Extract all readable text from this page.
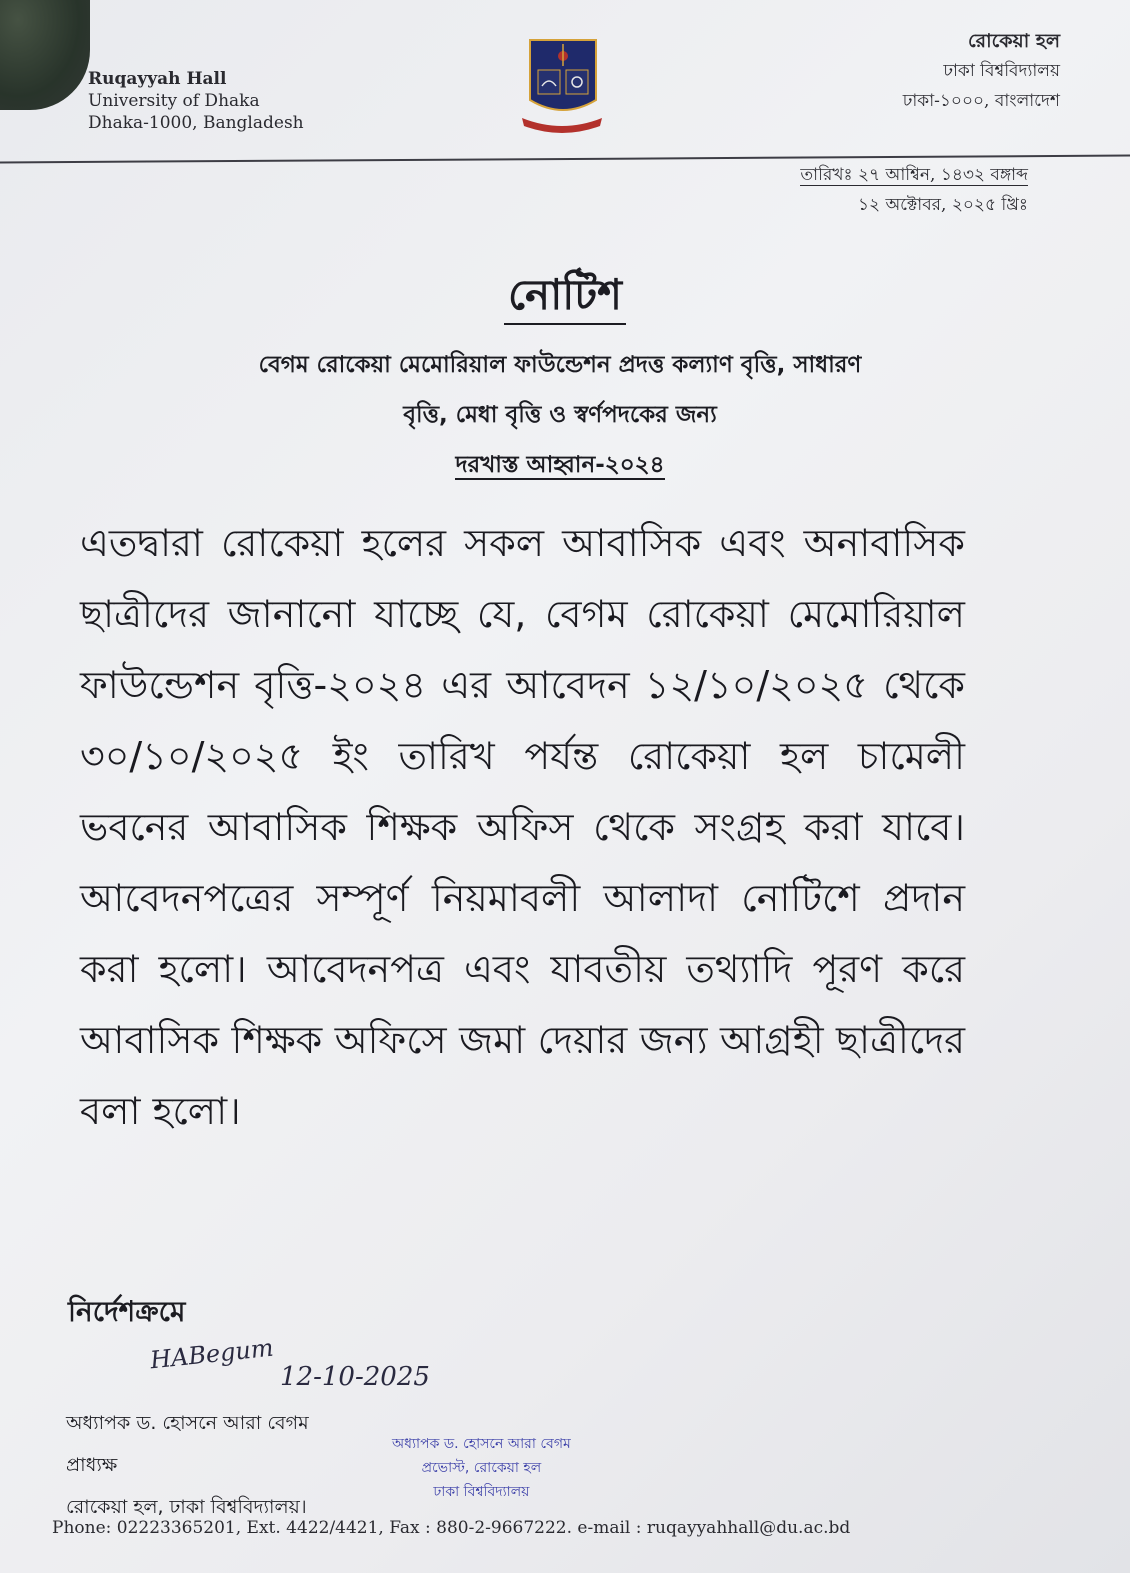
Ruqayyah Hall
University of Dhaka
Dhaka-1000, Bangladesh
রোকেয়া হল
ঢাকা বিশ্ববিদ্যালয়
ঢাকা-১০০০, বাংলাদেশ
তারিখঃ ২৭ আশ্বিন, ১৪৩২ বঙ্গাব্দ
১২ অক্টোবর, ২০২৫ খ্রিঃ
নোটিশ
বেগম রোকেয়া মেমোরিয়াল ফাউন্ডেশন প্রদত্ত কল্যাণ বৃত্তি, সাধারণ
বৃত্তি, মেধা বৃত্তি ও স্বর্ণপদকের জন্য
দরখাস্ত আহ্বান-২০২৪
এতদ্বারা রোকেয়া হলের সকল আবাসিক এবং অনাবাসিক ছাত্রীদের জানানো যাচ্ছে যে, বেগম রোকেয়া মেমোরিয়াল ফাউন্ডেশন বৃত্তি-২০২৪ এর আবেদন ১২/১০/২০২৫ থেকে ৩০/১০/২০২৫ ইং তারিখ পর্যন্ত রোকেয়া হল চামেলী ভবনের আবাসিক শিক্ষক অফিস থেকে সংগ্রহ করা যাবে। আবেদনপত্রের সম্পূর্ণ নিয়মাবলী আলাদা নোটিশে প্রদান করা হলো। আবেদনপত্র এবং যাবতীয় তথ্যাদি পূরণ করে আবাসিক শিক্ষক অফিসে জমা দেয়ার জন্য আগ্রহী ছাত্রীদের বলা হলো।
নির্দেশক্রমে
HABegum
12-10-2025
অধ্যাপক ড. হোসনে আরা বেগম
প্রাধ্যক্ষ
রোকেয়া হল, ঢাকা বিশ্ববিদ্যালয়।
অধ্যাপক ড. হোসনে আরা বেগম
প্রভোস্ট, রোকেয়া হল
ঢাকা বিশ্ববিদ্যালয়
Phone: 02223365201, Ext. 4422/4421, Fax : 880-2-9667222. e-mail : ruqayyahhall@du.ac.bd
